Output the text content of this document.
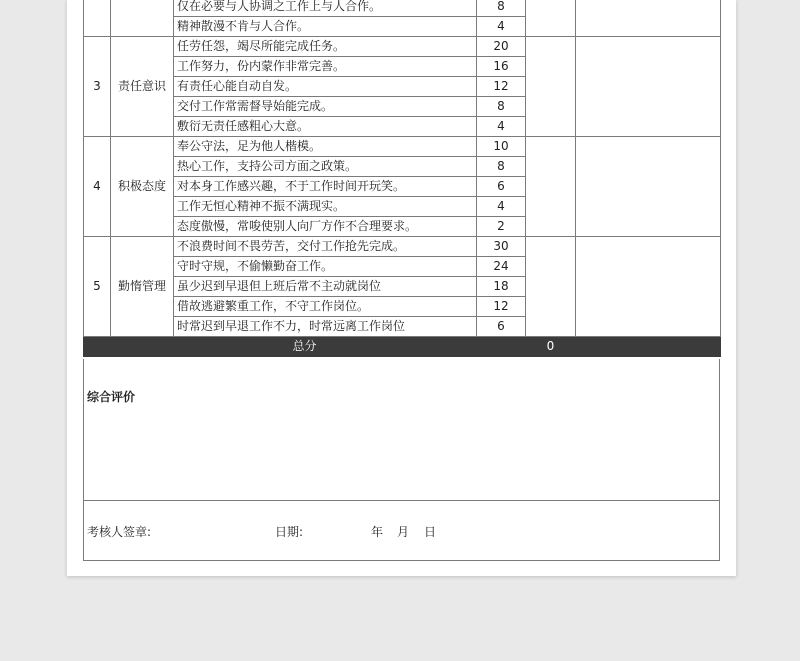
		仅在必要与人协调之工作上与人合作。	8		
		精神散漫不肯与人合作。	4		
3	责任意识	任劳任怨，竭尽所能完成任务。	20		
		工作努力，份内蒙作非常完善。	16		
		有责任心能自动自发。	12		
		交付工作常需督导始能完成。	8		
		敷衍无责任感粗心大意。	4		
4	积极态度	奉公守法，足为他人楷模。	10		
		热心工作，支持公司方面之政策。	8		
		对本身工作感兴趣，不于工作时间开玩笑。	6		
		工作无恒心精神不振不满现实。	4		
		态度傲慢，常唆使别人向厂方作不合理要求。	2		
5	勤惰管理	不浪费时间不畏劳苦，交付工作抢先完成。	30		
		守时守规，不偷懒勤奋工作。	24		
		虽少迟到早退但上班后常不主动就岗位	18		
		借故逃避繁重工作，不守工作岗位。	12		
		时常迟到早退工作不力，时常远离工作岗位	6		
总分				0	
综合评价
考核人签章:	日期:	年 月 日
